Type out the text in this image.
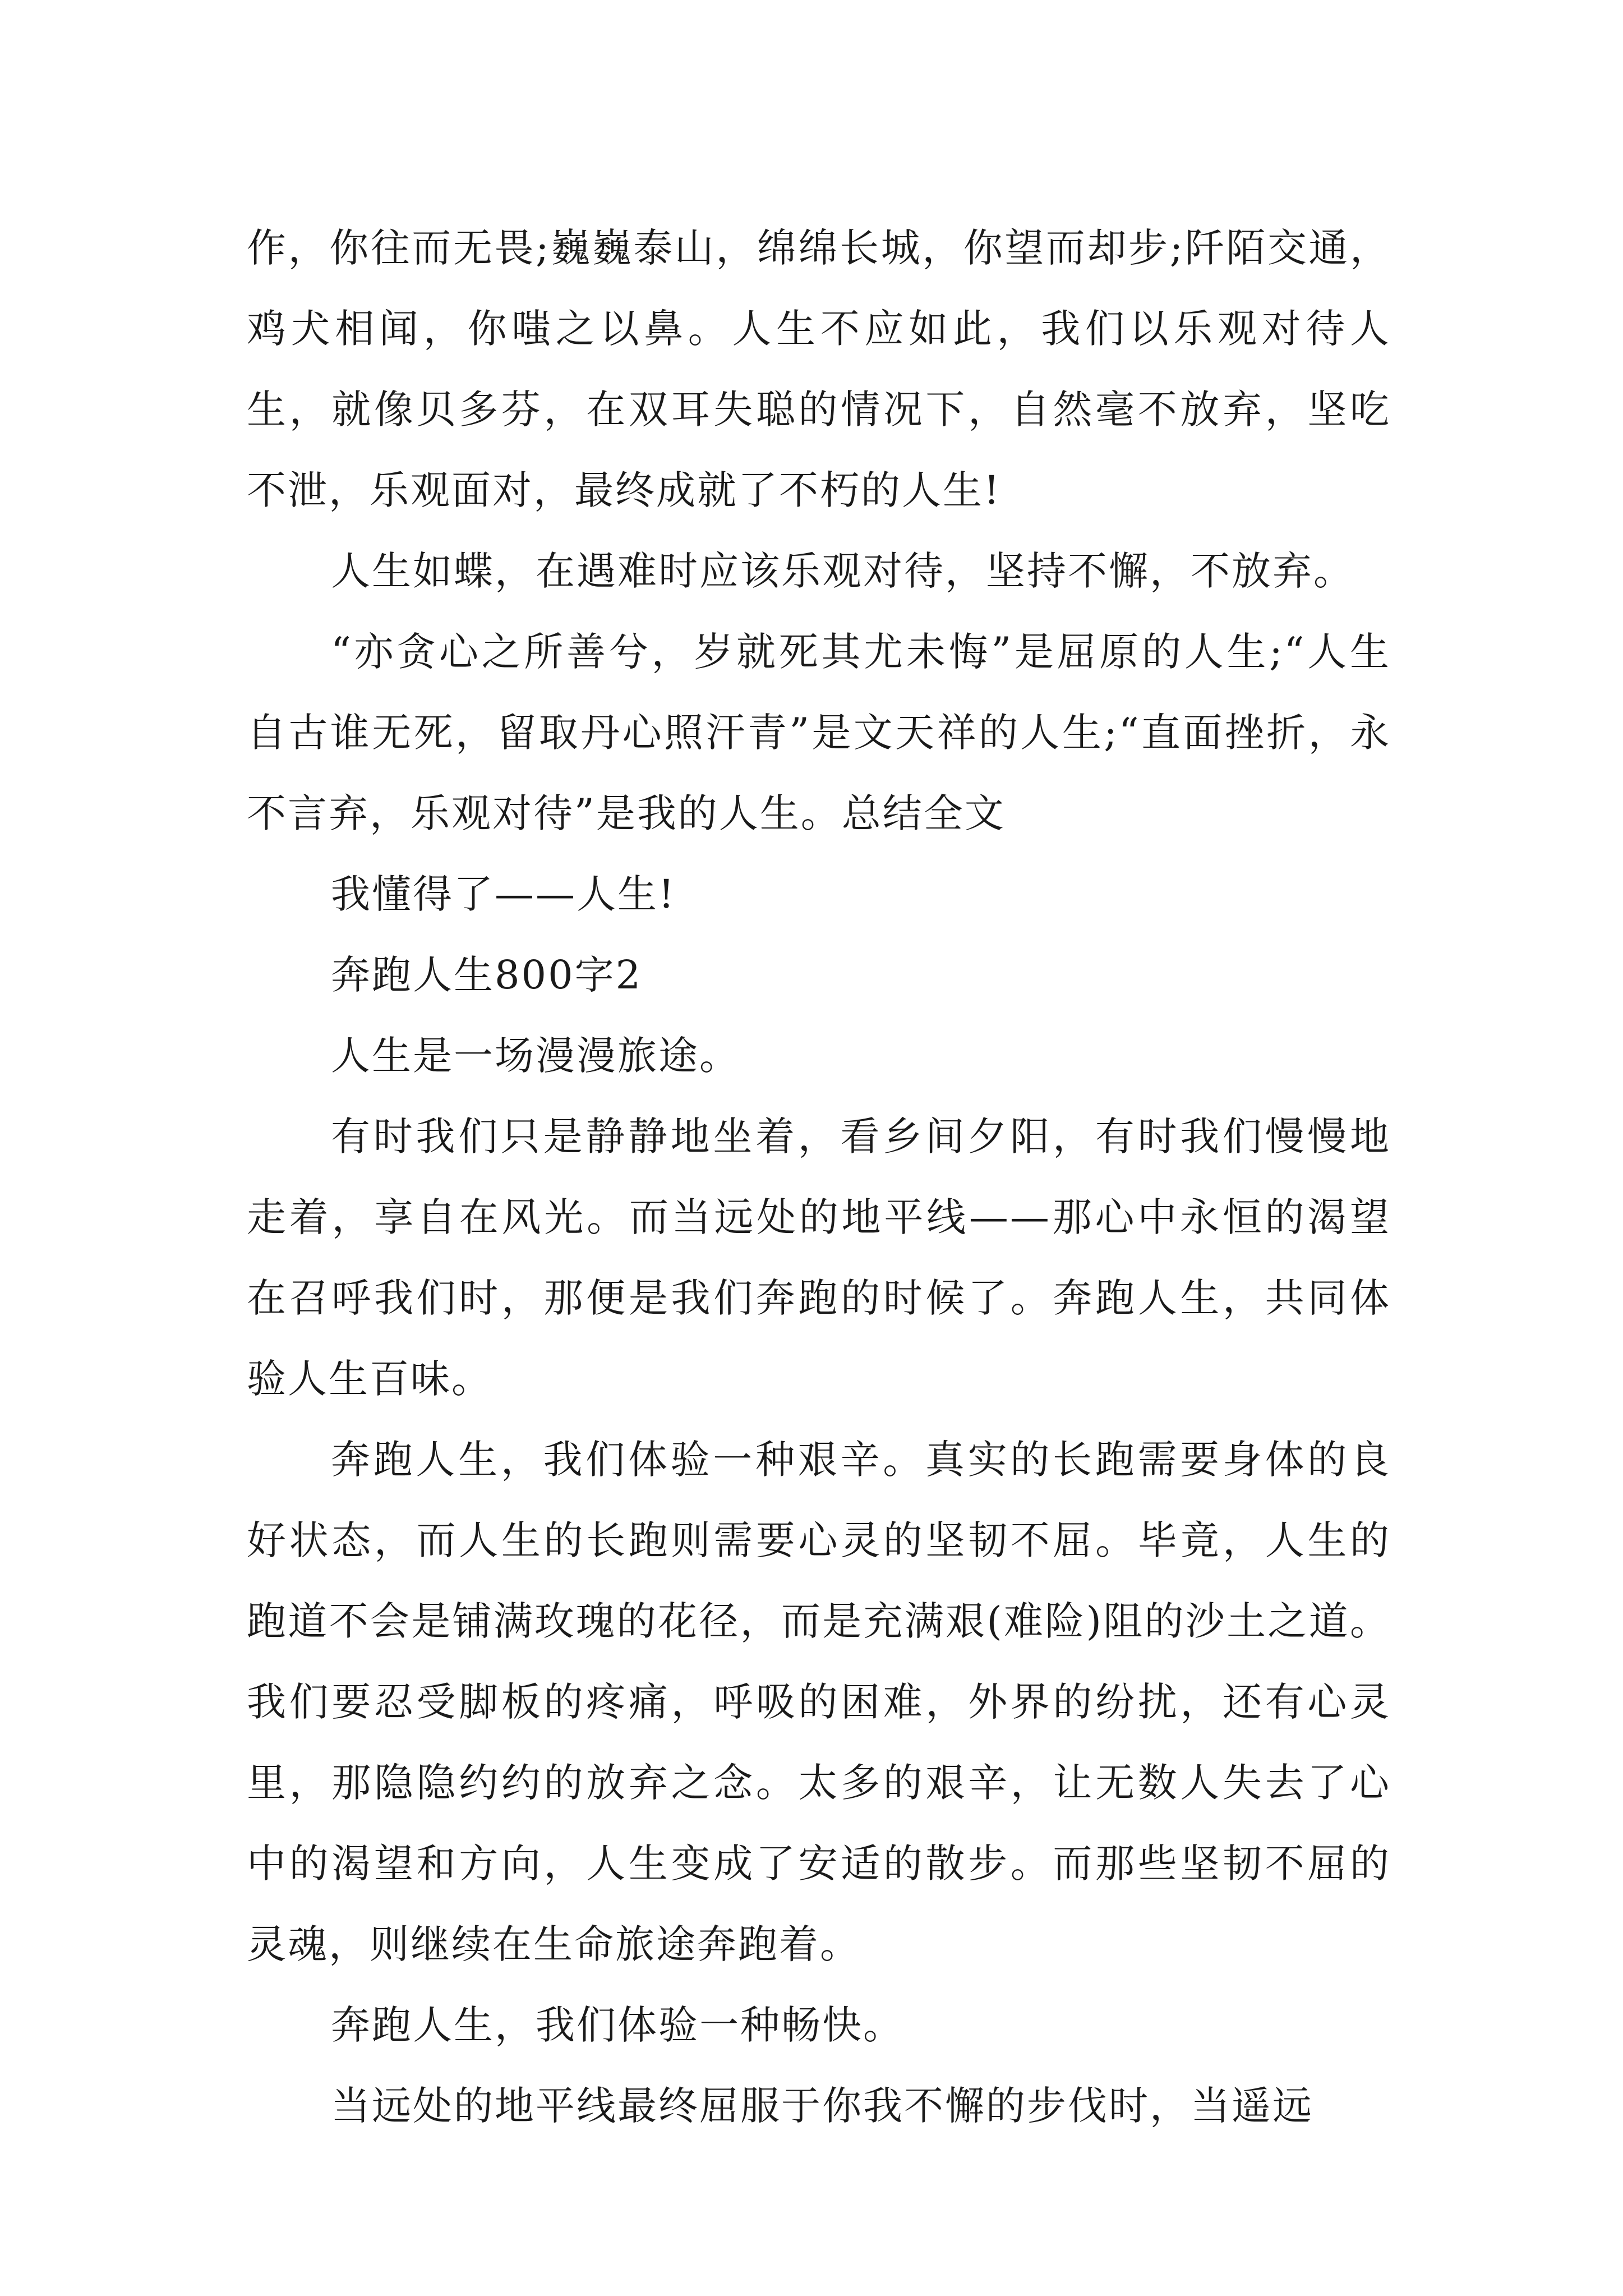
作，你往而无畏;巍巍泰山，绵绵长城，你望而却步;阡陌交通，鸡犬相闻，你嗤之以鼻。人生不应如此，我们以乐观对待人生，就像贝多芬，在双耳失聪的情况下，自然毫不放弃，坚吃不泄，乐观面对，最终成就了不朽的人生!

人生如蝶，在遇难时应该乐观对待，坚持不懈，不放弃。

“亦贪心之所善兮，岁就死其尤未悔”是屈原的人生;“人生自古谁无死，留取丹心照汗青”是文天祥的人生;“直面挫折，永不言弃，乐观对待”是我的人生。总结全文

我懂得了——人生!

奔跑人生800字2

人生是一场漫漫旅途。

有时我们只是静静地坐着，看乡间夕阳，有时我们慢慢地走着，享自在风光。而当远处的地平线——那心中永恒的渴望在召呼我们时，那便是我们奔跑的时候了。奔跑人生，共同体验人生百味。

奔跑人生，我们体验一种艰辛。真实的长跑需要身体的良好状态，而人生的长跑则需要心灵的坚韧不屈。毕竟，人生的跑道不会是铺满玫瑰的花径，而是充满艰(难险)阻的沙土之道。我们要忍受脚板的疼痛，呼吸的困难，外界的纷扰，还有心灵里，那隐隐约约的放弃之念。太多的艰辛，让无数人失去了心中的渴望和方向，人生变成了安适的散步。而那些坚韧不屈的灵魂，则继续在生命旅途奔跑着。

奔跑人生，我们体验一种畅快。

当远处的地平线最终屈服于你我不懈的步伐时，当遥远
